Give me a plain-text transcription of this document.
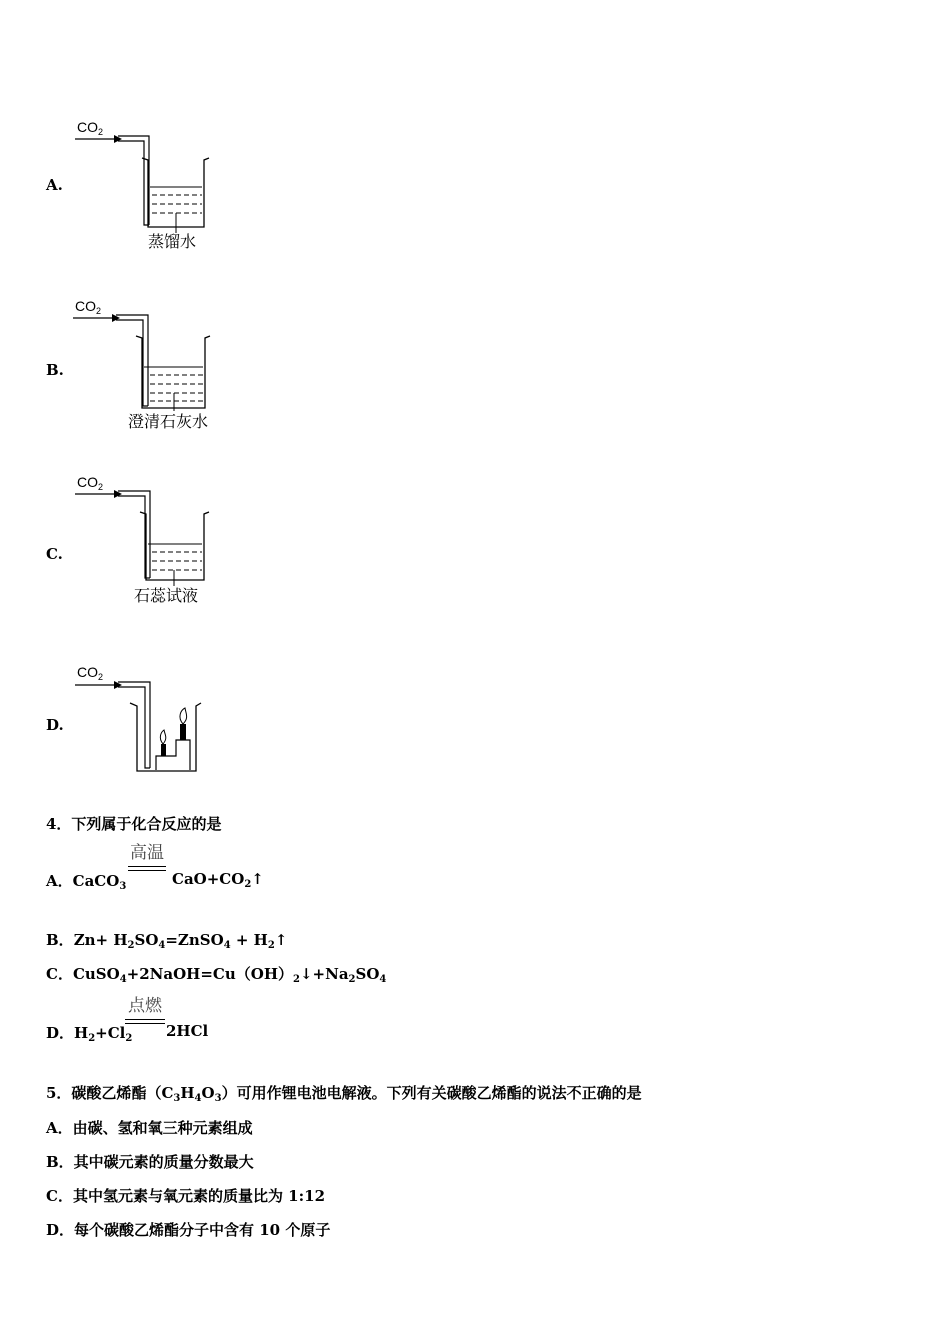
A.
$CO_2$
蒸馏水
B.
$CO_2$
澄清石灰水
C.
$CO_2$
石蕊试液
D.
$CO_2$
4．下列属于化合反应的是
A．CaCO$_3$
高温
$CaO+CO_2↑$
B．$Zn+ H_2SO_4=ZnSO_4$ + $H_2↑$
C．$CuSO_4+2NaOH=Cu(OH)_2↓+Na_2SO_4$
D．$H_2+Cl_2$
点燃
2HCl
5．碳酸乙烯酯$(C_3H_4O_3)$可用作锂电池电解液。下列有关碳酸乙烯酯的说法不正确的是
A．由碳、氢和氧三种元素组成
B．其中碳元素的质量分数最大
C．其中氢元素与氧元素的质量比为 1:12
D．每个碳酸乙烯酯分子中含有 10 个原子
